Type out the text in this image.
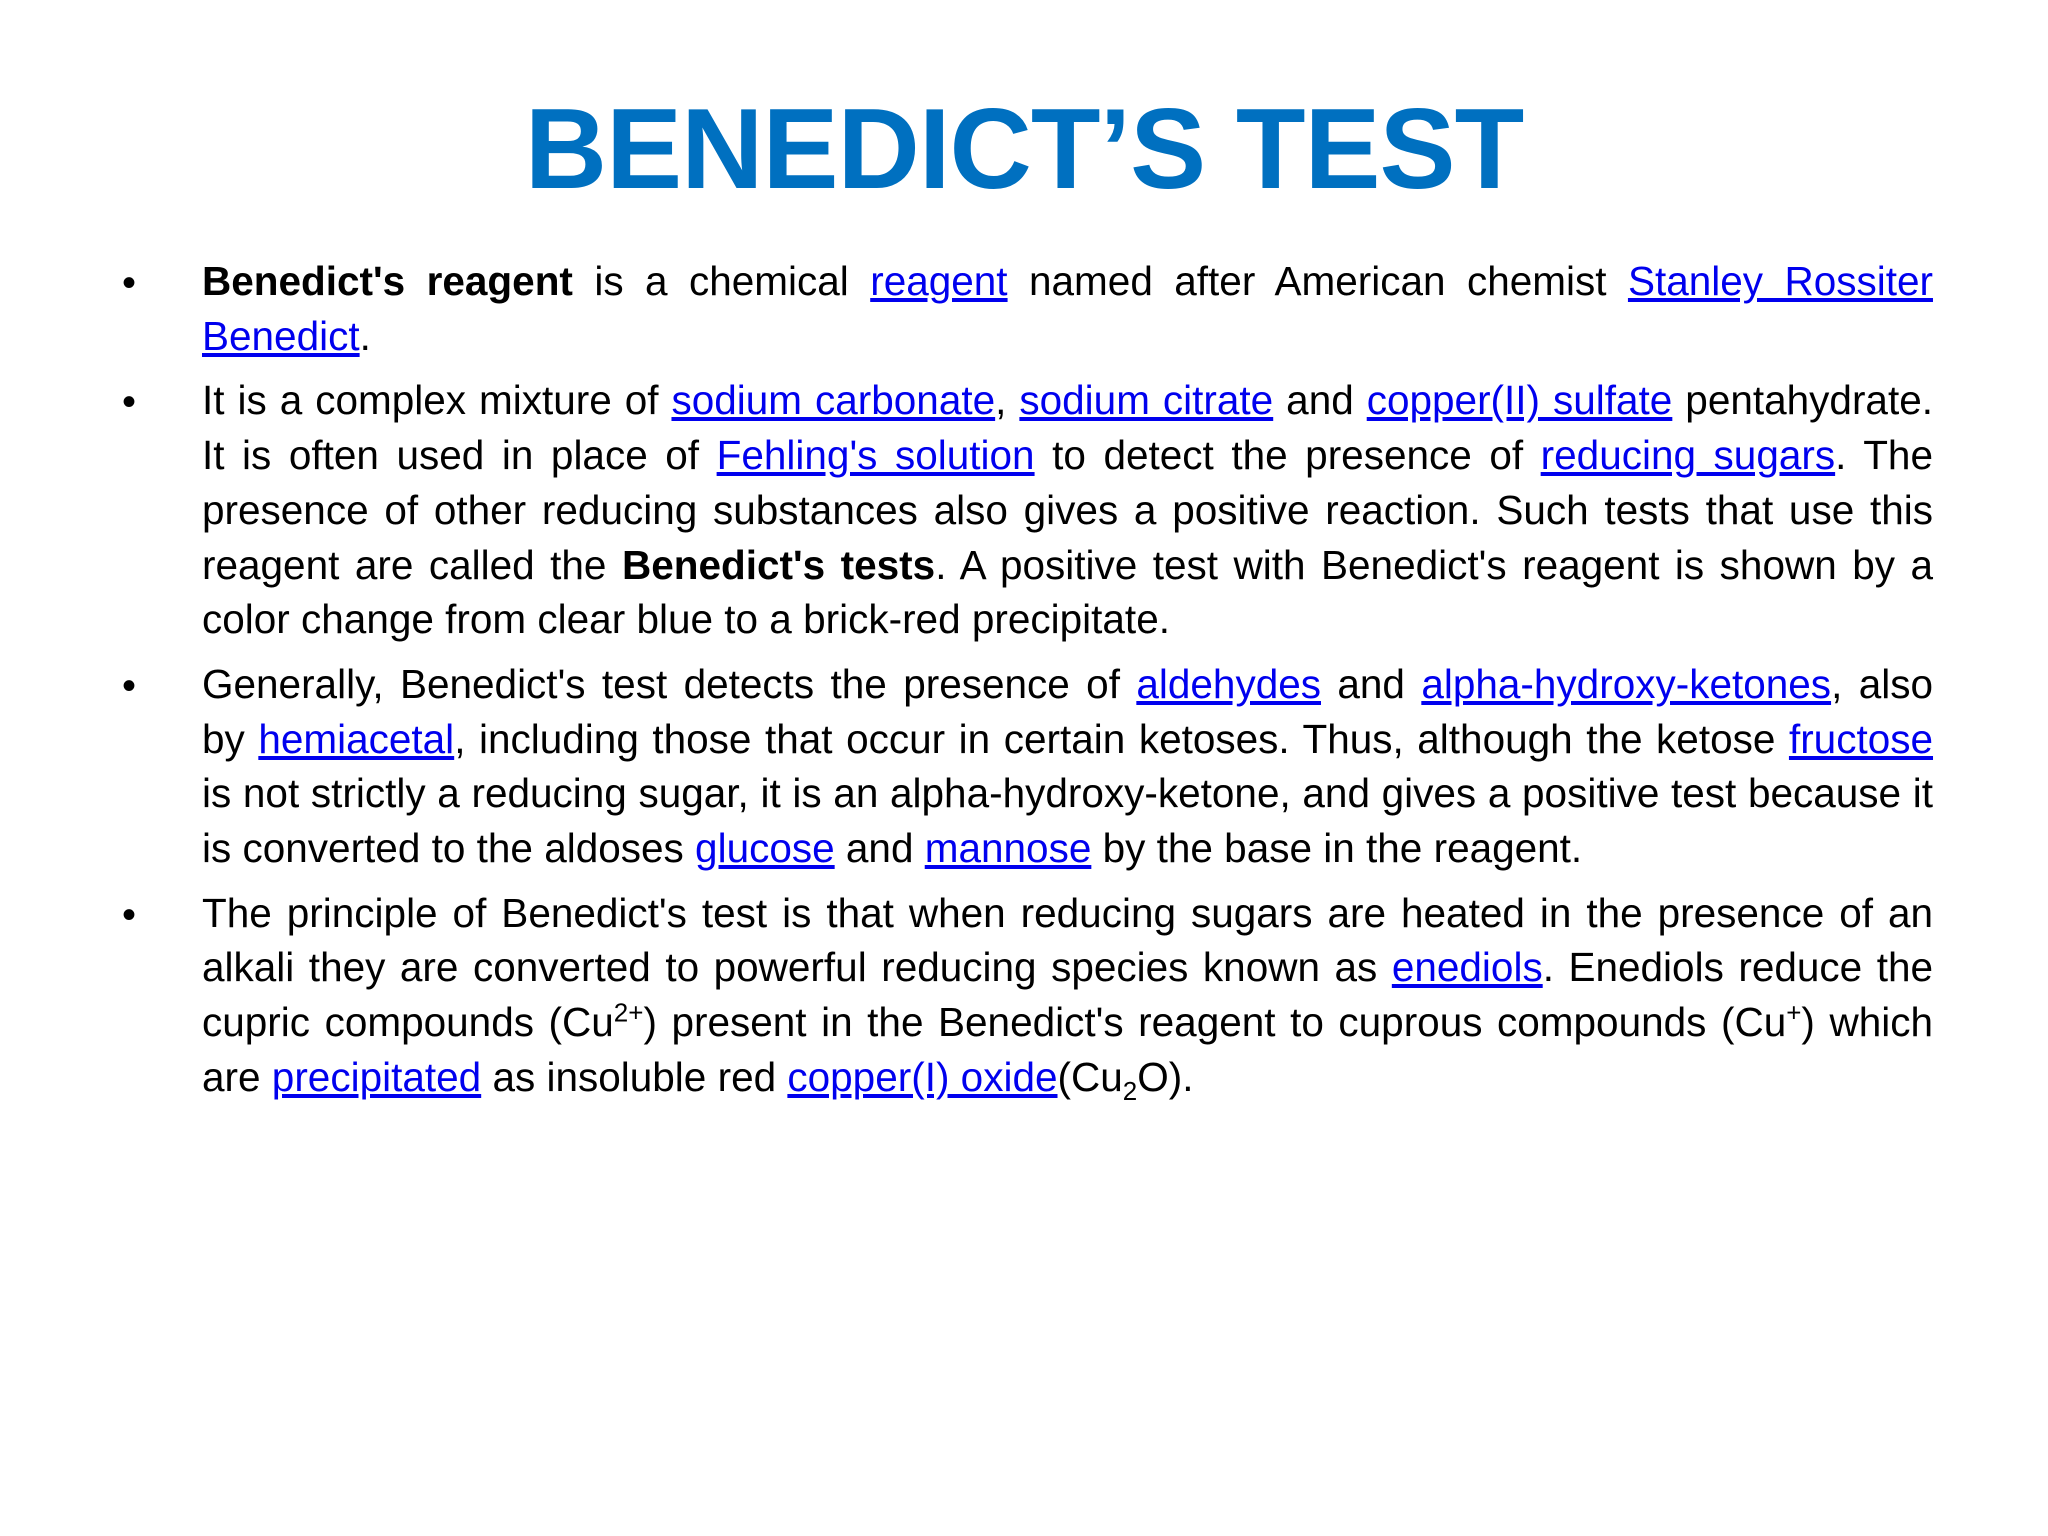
BENEDICT’S TEST
• Benedict's reagent is a chemical reagent named after American chemist Stanley Rossiter Benedict.

• It is a complex mixture of sodium carbonate, sodium citrate and copper(II) sulfate pentahydrate. It is often used in place of Fehling's solution to detect the presence of reducing sugars. The presence of other reducing substances also gives a positive reaction. Such tests that use this reagent are called the Benedict's tests. A positive test with Benedict's reagent is shown by a color change from clear blue to a brick-red precipitate.

• Generally, Benedict's test detects the presence of aldehydes and alpha-hydroxy-ketones, also by hemiacetal, including those that occur in certain ketoses. Thus, although the ketose fructose is not strictly a reducing sugar, it is an alpha-hydroxy-ketone, and gives a positive test because it is converted to the aldoses glucose and mannose by the base in the reagent.

• The principle of Benedict's test is that when reducing sugars are heated in the presence of an alkali they are converted to powerful reducing species known as enediols. Enediols reduce the cupric compounds $(Cu^{2+})$ present in the Benedict's reagent to cuprous compounds (Cu+) which are precipitated as insoluble red copper(I) $oxide(Cu_2O)$.
